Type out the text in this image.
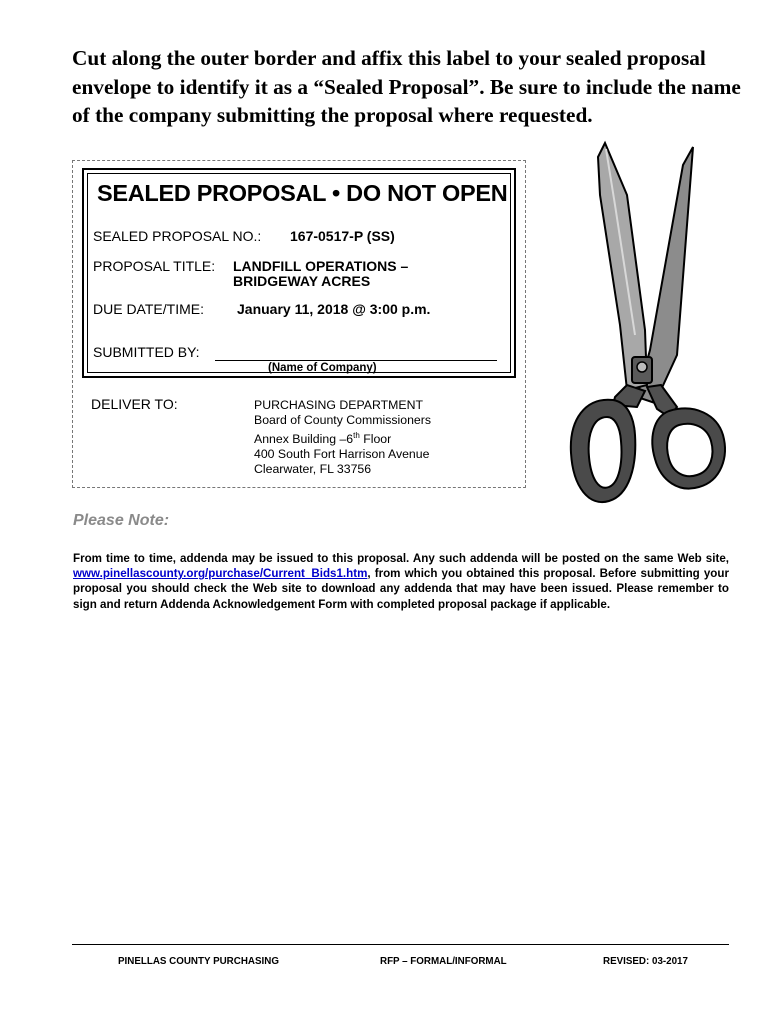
Cut along the outer border and affix this label to your sealed proposal envelope to identify it as a “Sealed Proposal”. Be sure to include the name of the company submitting the proposal where requested.

SEALED PROPOSAL • DO NOT OPEN
SEALED PROPOSAL NO.: 167-0517-P (SS)
PROPOSAL TITLE: LANDFILL OPERATIONS –
BRIDGEWAY ACRES
DUE DATE/TIME: January 11, 2018 @ 3:00 p.m.
SUBMITTED BY:
(Name of Company)
DELIVER TO:	PURCHASING DEPARTMENT
Board of County Commissioners
Annex Building –6th Floor
400 South Fort Harrison Avenue
Clearwater, FL 33756
Please Note:

From time to time, addenda may be issued to this proposal. Any such addenda will be posted on the same Web site, www.pinellascounty.org/purchase/Current_Bids1.htm, from which you obtained this proposal. Before submitting your proposal you should check the Web site to download any addenda that may have been issued. Please remember to sign and return Addenda Acknowledgement Form with completed proposal package if applicable.

PINELLAS COUNTY PURCHASING	RFP – FORMAL/INFORMAL	REVISED: 03-2017
